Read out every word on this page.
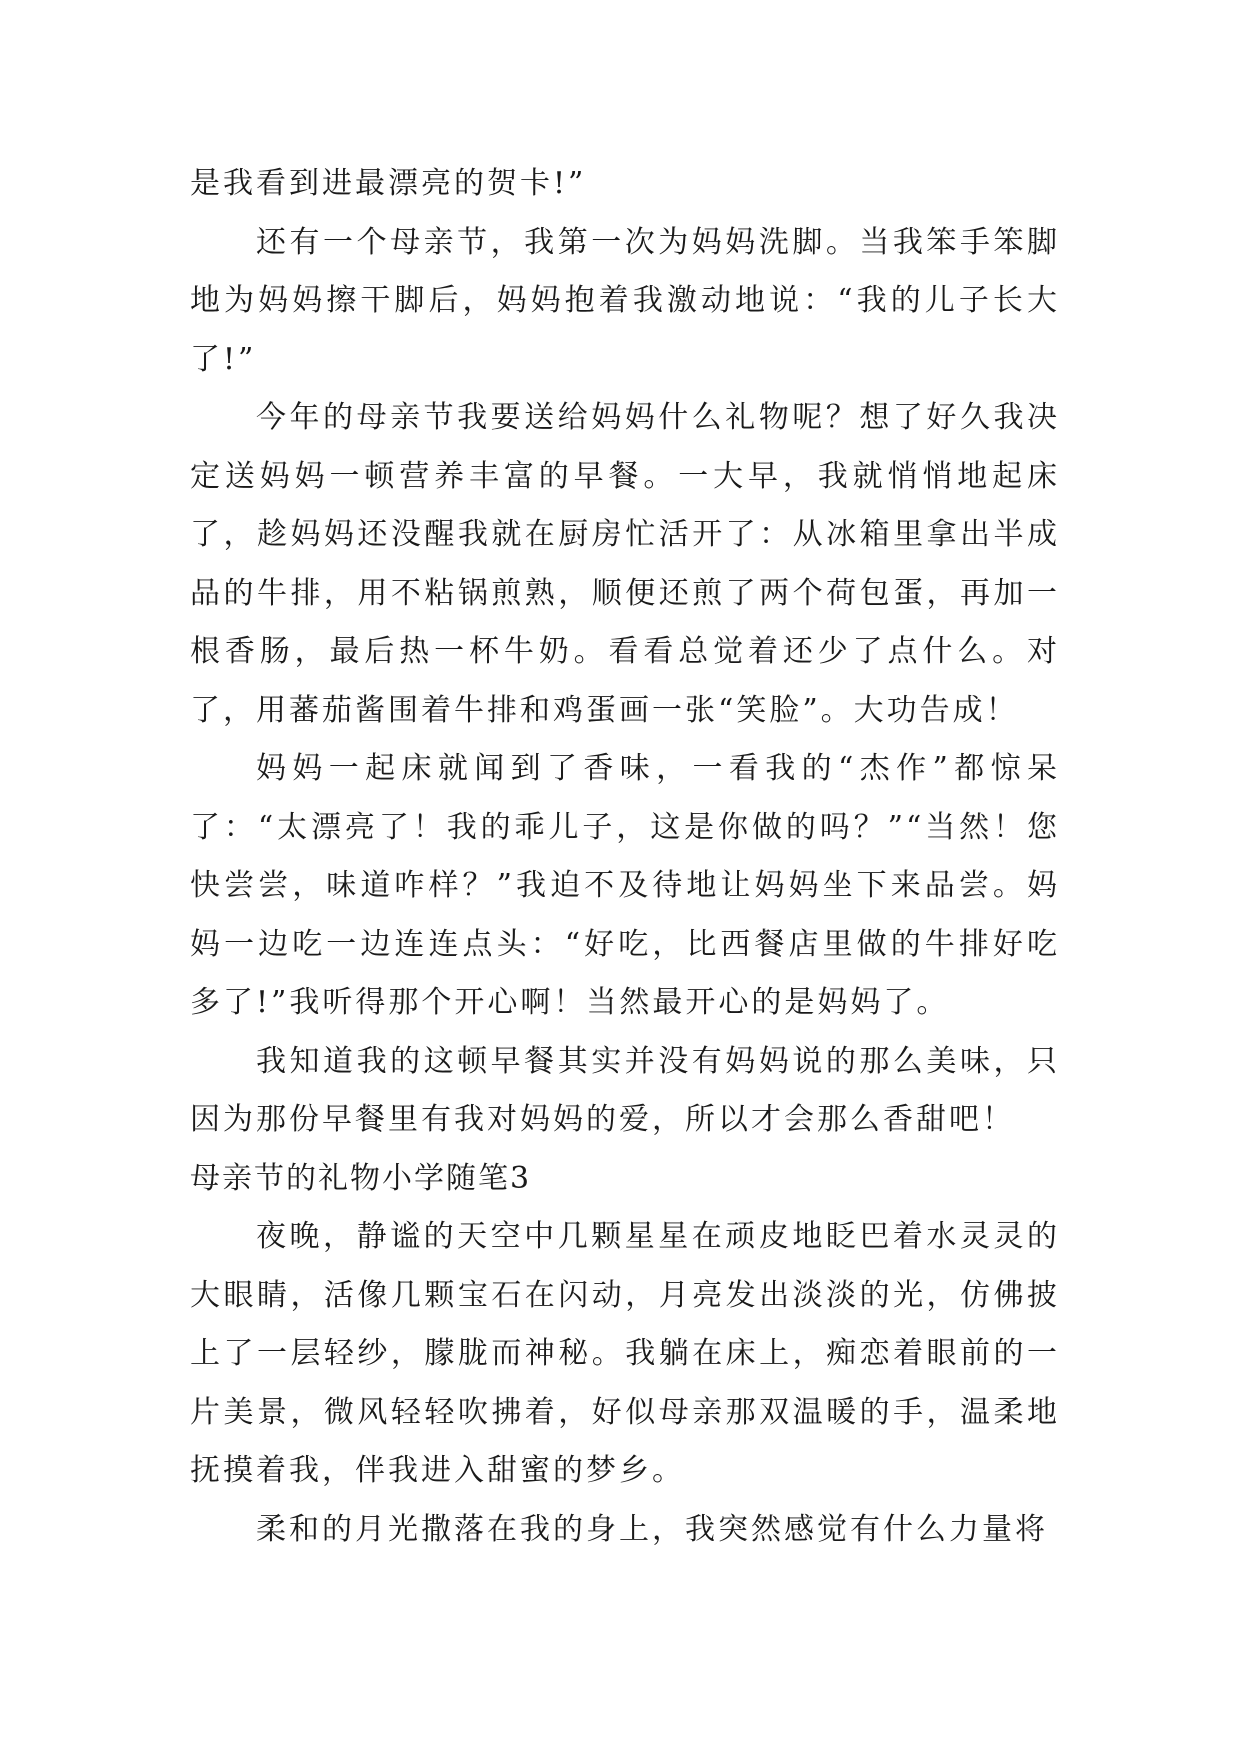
是我看到进最漂亮的贺卡!”

还有一个母亲节，我第一次为妈妈洗脚。当我笨手笨脚地为妈妈擦干脚后，妈妈抱着我激动地说：“我的儿子长大了!”

今年的母亲节我要送给妈妈什么礼物呢？想了好久我决定送妈妈一顿营养丰富的早餐。一大早，我就悄悄地起床了，趁妈妈还没醒我就在厨房忙活开了：从冰箱里拿出半成品的牛排，用不粘锅煎熟，顺便还煎了两个荷包蛋，再加一根香肠，最后热一杯牛奶。看看总觉着还少了点什么。对了，用蕃茄酱围着牛排和鸡蛋画一张“笑脸”。大功告成！

妈妈一起床就闻到了香味，一看我的“杰作”都惊呆了：“太漂亮了！我的乖儿子，这是你做的吗？”“当然！您快尝尝，味道咋样？”我迫不及待地让妈妈坐下来品尝。妈妈一边吃一边连连点头：“好吃，比西餐店里做的牛排好吃多了!”我听得那个开心啊！当然最开心的是妈妈了。

我知道我的这顿早餐其实并没有妈妈说的那么美味，只因为那份早餐里有我对妈妈的爱，所以才会那么香甜吧！

母亲节的礼物小学随笔3

夜晚，静谧的天空中几颗星星在顽皮地眨巴着水灵灵的大眼睛，活像几颗宝石在闪动，月亮发出淡淡的光，仿佛披上了一层轻纱，朦胧而神秘。我躺在床上，痴恋着眼前的一片美景，微风轻轻吹拂着，好似母亲那双温暖的手，温柔地抚摸着我，伴我进入甜蜜的梦乡。

柔和的月光撒落在我的身上，我突然感觉有什么力量将
